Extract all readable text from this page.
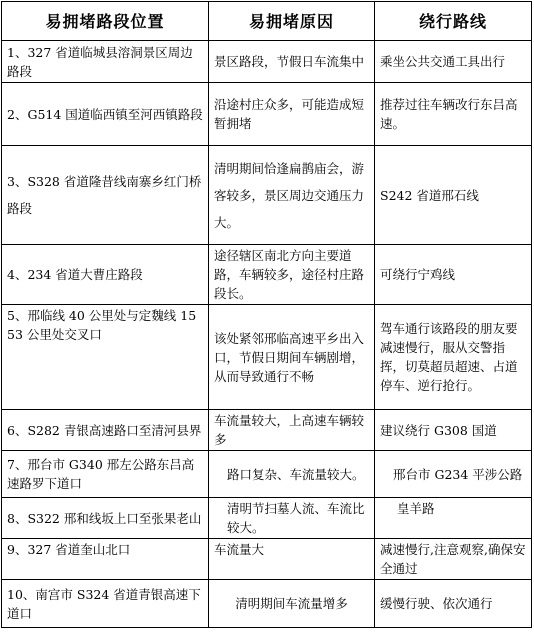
易拥堵路段位置	易拥堵原因	绕行路线
1、327 省道临城县溶洞景区周边路段	景区路段，节假日车流集中	乘坐公共交通工具出行
2、G514 国道临西镇至河西镇路段	沿途村庄众多，可能造成短暂拥堵	推荐过往车辆改行东吕高速。
3、S328 省道隆昔线南寨乡红门桥路段	清明期间恰逢扁鹊庙会，游客较多，景区周边交通压力大。	S242 省道邢石线
4、234 省道大曹庄路段	途径辖区南北方向主要道路，车辆较多，途径村庄路段长。	可绕行宁鸡线
5、邢临线 40 公里处与定魏线 1553 公里处交叉口	该处紧邻邢临高速平乡出入口，节假日期间车辆剧增，从而导致通行不畅	驾车通行该路段的朋友要减速慢行，服从交警指挥，切莫超员超速、占道停车、逆行抢行。
6、S282 青银高速路口至清河县界	车流量较大，上高速车辆较多	建议绕行 G308 国道
7、邢台市 G340 邢左公路东吕高速路罗下道口	路口复杂、车流量较大。	邢台市 G234 平涉公路
8、S322 邢和线坂上口至张果老山	清明节扫墓人流、车流比较大。	皇羊路
9、327 省道奎山北口	车流量大	减速慢行,注意观察,确保安全通过
10、南宫市 S324 省道青银高速下道口	清明期间车流量增多	缓慢行驶、依次通行
